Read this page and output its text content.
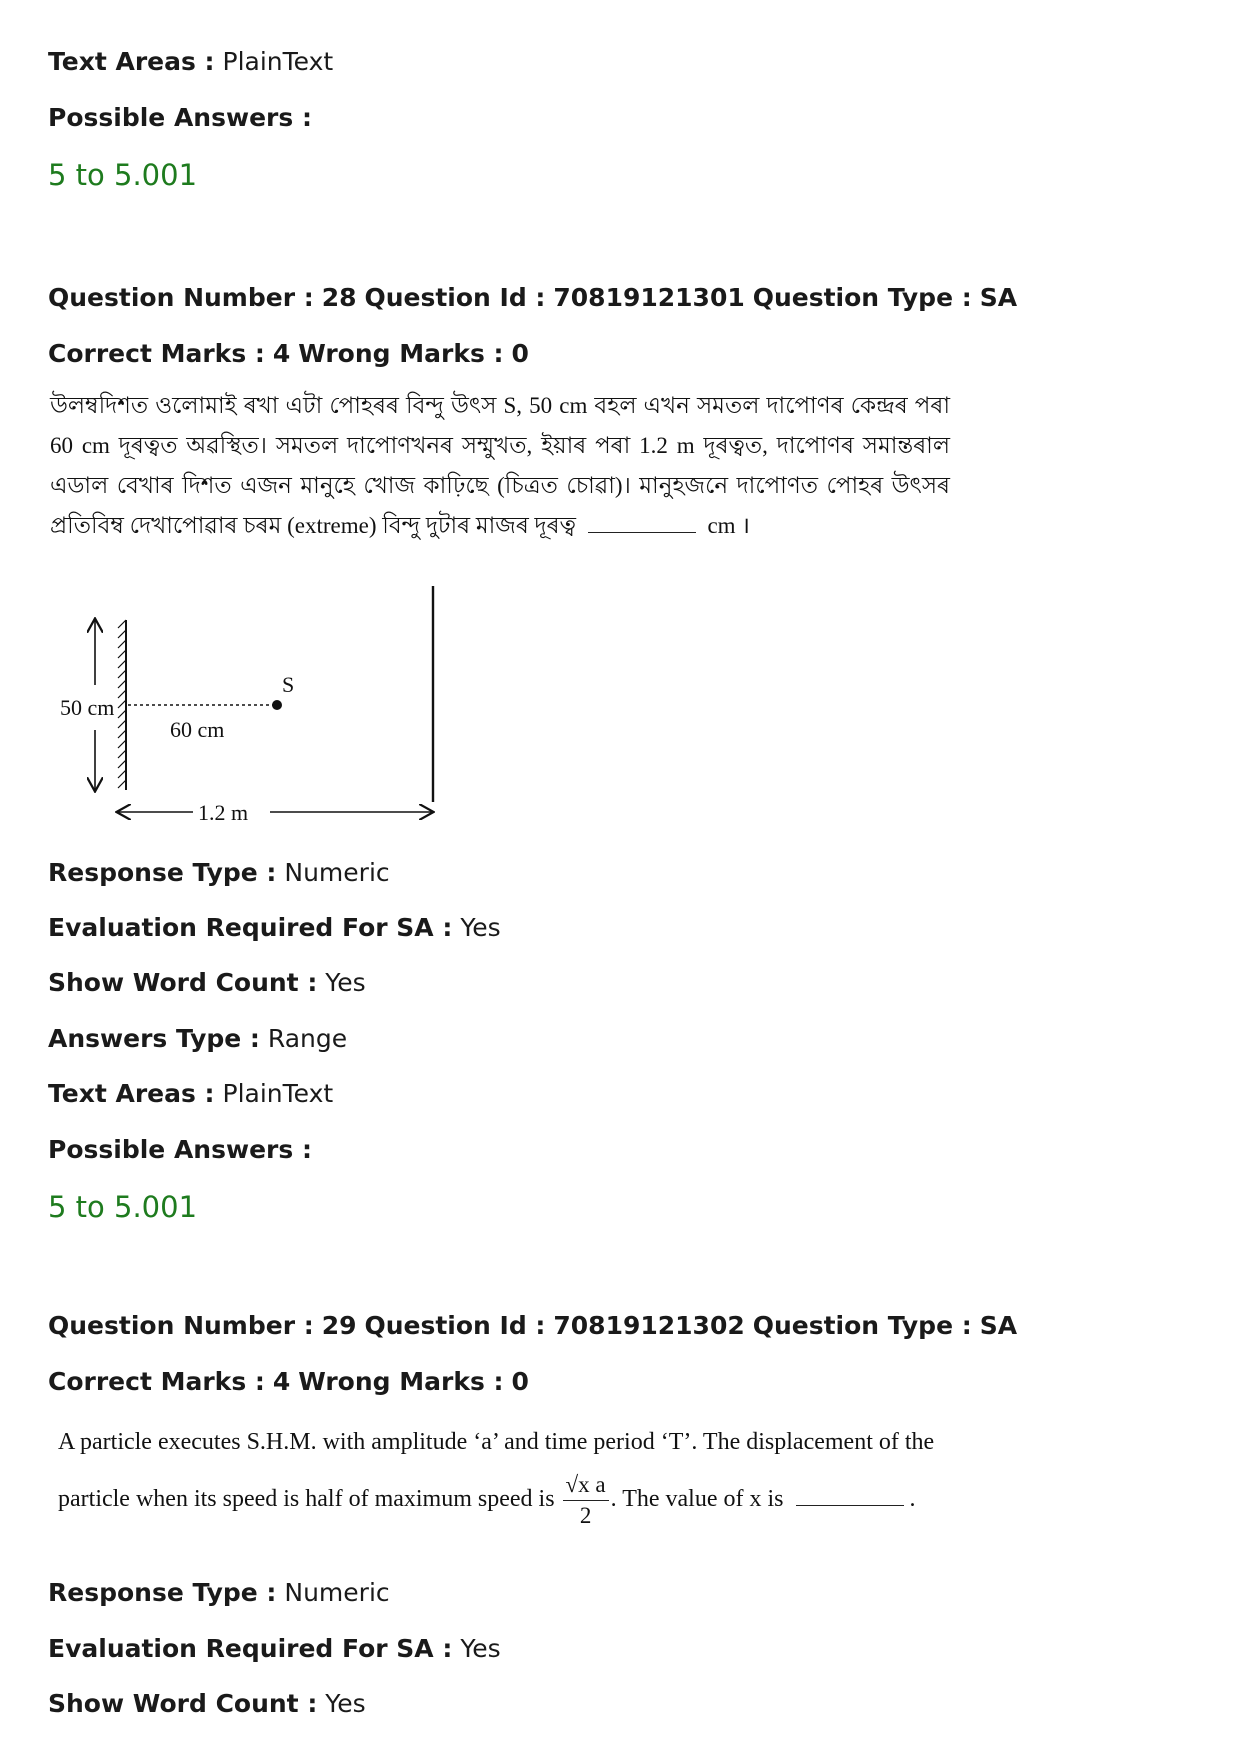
Text Areas : PlainText
Possible Answers :
5 to 5.001
Question Number : 28 Question Id : 70819121301 Question Type : SA
Correct Marks : 4 Wrong Marks : 0
উলম্বদিশত ওলোমাই ৰখা এটা পোহৰৰ বিন্দু উৎস S, 50 cm বহল এখন সমতল দাপোণৰ কেন্দ্ৰৰ পৰা 60 cm দূৰত্বত অৱস্থিত। সমতল দাপোণখনৰ সম্মুখত, ইয়াৰ পৰা 1.2 m দূৰত্বত, দাপোণৰ সমান্তৰাল এডাল বেখাৰ দিশত এজন মানুহে খোজ কাঢ়িছে (চিত্ৰত চোৱা)। মানুহজনে দাপোণত পোহৰ উৎসৰ প্ৰতিবিম্ব দেখাপোৱাৰ চৰম (extreme) বিন্দু দুটাৰ মাজৰ দূৰত্ব	cm ।
50 cm
S
60 cm
1.2 m
Response Type : Numeric
Evaluation Required For SA : Yes
Show Word Count : Yes
Answers Type : Range
Text Areas : PlainText
Possible Answers :
5 to 5.001
Question Number : 29 Question Id : 70819121302 Question Type : SA
Correct Marks : 4 Wrong Marks : 0
A particle executes S.H.M. with amplitude ‘a’ and time period ‘T’. The displacement of the
particle when its speed is half of maximum speed is $\frac{\text{√x a}}{2}$ . The value of x is	.
Response Type : Numeric
Evaluation Required For SA : Yes
Show Word Count : Yes
